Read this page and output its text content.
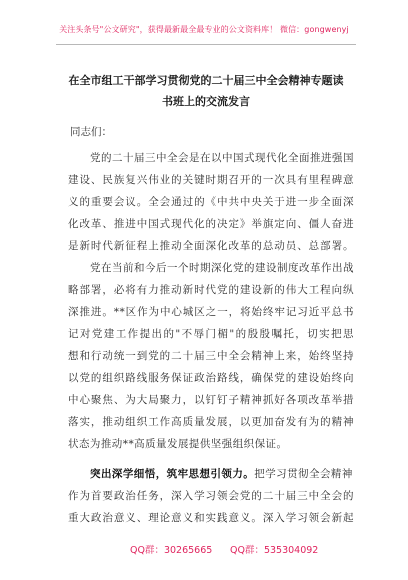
关注头条号"公文研究"，获得最新最全最专业的公文资料库！ 微信：gongwenyj
在全市组工干部学习贯彻党的二十届三中全会精神专题读
书班上的交流发言
同志们：
党的二十届三中全会是在以中国式现代化全面推进强国
建设、民族复兴伟业的关键时期召开的一次具有里程碑意
义的重要会议。全会通过的《中共中央关于进一步全面深
化改革、推进中国式现代化的决定》举旗定向、僵人奋进
是新时代新征程上推动全面深化改革的总动员、总部署。
党在当前和今后一个时期深化党的建设制度改革作出战
略部署，必将有力推动新时代党的建设新的伟大工程向纵
深推进。**区作为中心城区之一，将始终牢记习近平总书
记对党建工作提出的"不辱门楣"的殷殷嘱托，切实把思
想和行动统一到党的二十届三中全会精神上来，始终坚持
以党的组织路线服务保证政治路线，确保党的建设始终向
中心聚焦、为大局聚力，以钉钉子精神抓好各项改革举措
落实，推动组织工作高质量发展，以更加奋发有为的精神
状态为推动**高质量发展提供坚强组织保证。
突出深学细悟，筑牢思想引领力。把学习贯彻全会精神
作为首要政治任务，深入学习领会党的二十届三中全会的
重大政治意义、理论意义和实践意义。深入学习领会新起
QQ群：30265665 QQ群：535304092
